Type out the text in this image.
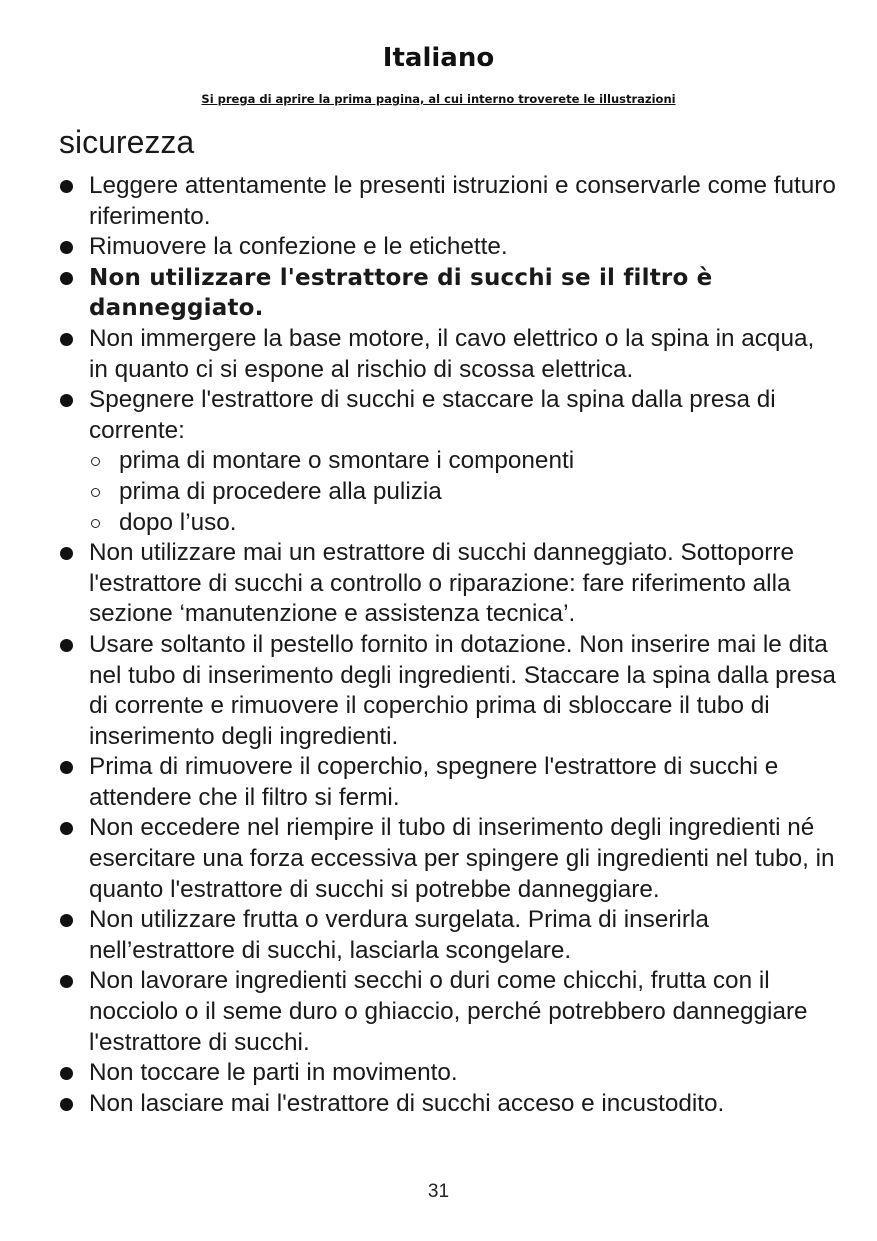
Italiano
Si prega di aprire la prima pagina, al cui interno troverete le illustrazioni
sicurezza
Leggere attentamente le presenti istruzioni e conservarle come futuro riferimento.
Rimuovere la confezione e le etichette.
Non utilizzare l'estrattore di succhi se il filtro è danneggiato.
Non immergere la base motore, il cavo elettrico o la spina in acqua, in quanto ci si espone al rischio di scossa elettrica.
Spegnere l'estrattore di succhi e staccare la spina dalla presa di corrente:
prima di montare o smontare i componenti
prima di procedere alla pulizia
dopo l’uso.
Non utilizzare mai un estrattore di succhi danneggiato. Sottoporre l'estrattore di succhi a controllo o riparazione: fare riferimento alla sezione ‘manutenzione e assistenza tecnica’.
Usare soltanto il pestello fornito in dotazione. Non inserire mai le dita nel tubo di inserimento degli ingredienti. Staccare la spina dalla presa di corrente e rimuovere il coperchio prima di sbloccare il tubo di inserimento degli ingredienti.
Prima di rimuovere il coperchio, spegnere l'estrattore di succhi e attendere che il filtro si fermi.
Non eccedere nel riempire il tubo di inserimento degli ingredienti né esercitare una forza eccessiva per spingere gli ingredienti nel tubo, in quanto l'estrattore di succhi si potrebbe danneggiare.
Non utilizzare frutta o verdura surgelata. Prima di inserirla nell’estrattore di succhi, lasciarla scongelare.
Non lavorare ingredienti secchi o duri come chicchi, frutta con il nocciolo o il seme duro o ghiaccio, perché potrebbero danneggiare l'estrattore di succhi.
Non toccare le parti in movimento.
Non lasciare mai l'estrattore di succhi acceso e incustodito.
31
